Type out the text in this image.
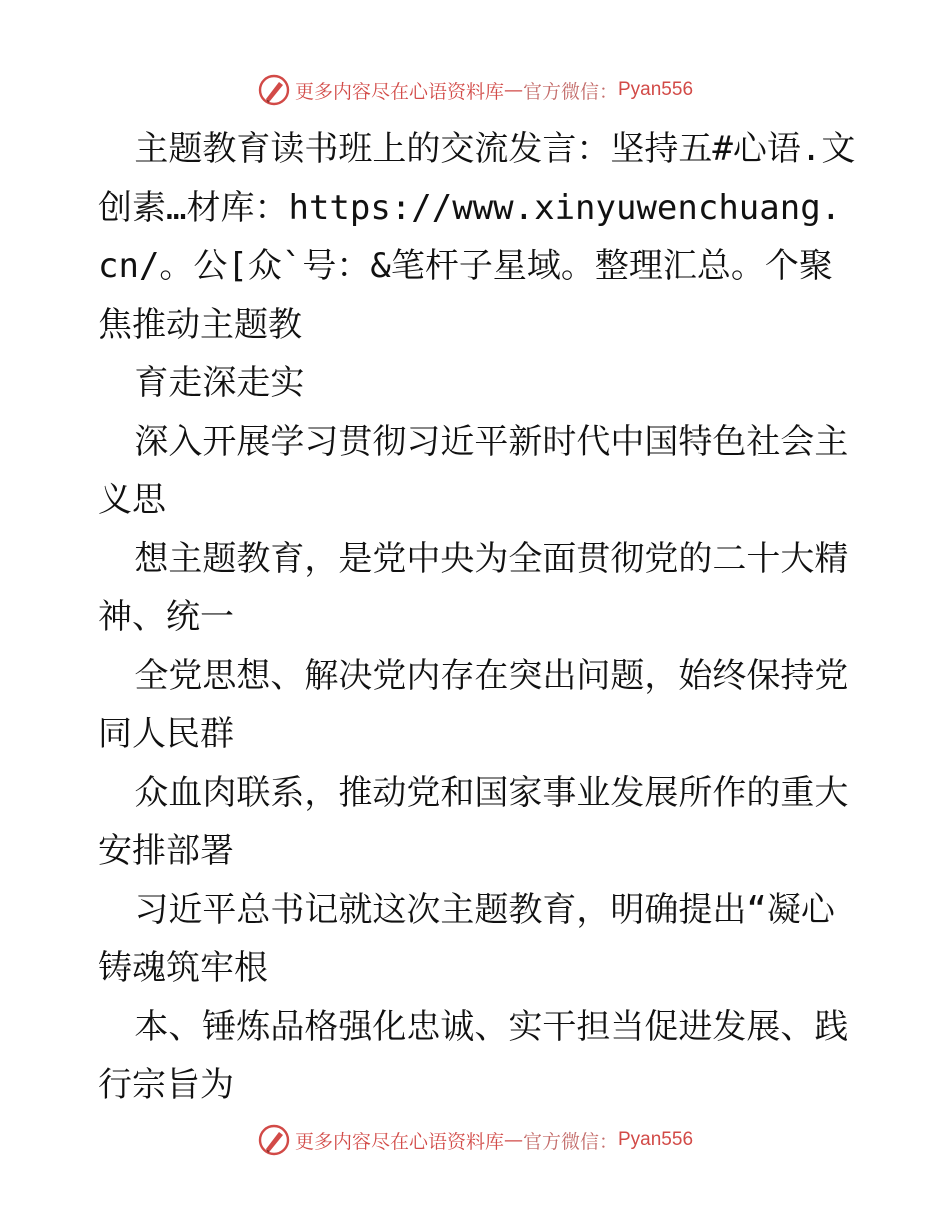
更多内容尽在心语资料库 — 官方微信： Pyan556

主题教育读书班上的交流发言：坚持五#心语.文创素…材库：https://www.xinyuwenchuang.cn/。公[众`号：&笔杆子星域。整理汇总。个聚焦推动主题教

育走深走实

深入开展学习贯彻习近平新时代中国特色社会主义思

想主题教育，是党中央为全面贯彻党的二十大精神、统一

全党思想、解决党内存在突出问题，始终保持党同人民群

众血肉联系，推动党和国家事业发展所作的重大安排部署

习近平总书记就这次主题教育，明确提出“凝心铸魂筑牢根

本、锤炼品格强化忠诚、实干担当促进发展、践行宗旨为

更多内容尽在心语资料库 — 官方微信： Pyan556
